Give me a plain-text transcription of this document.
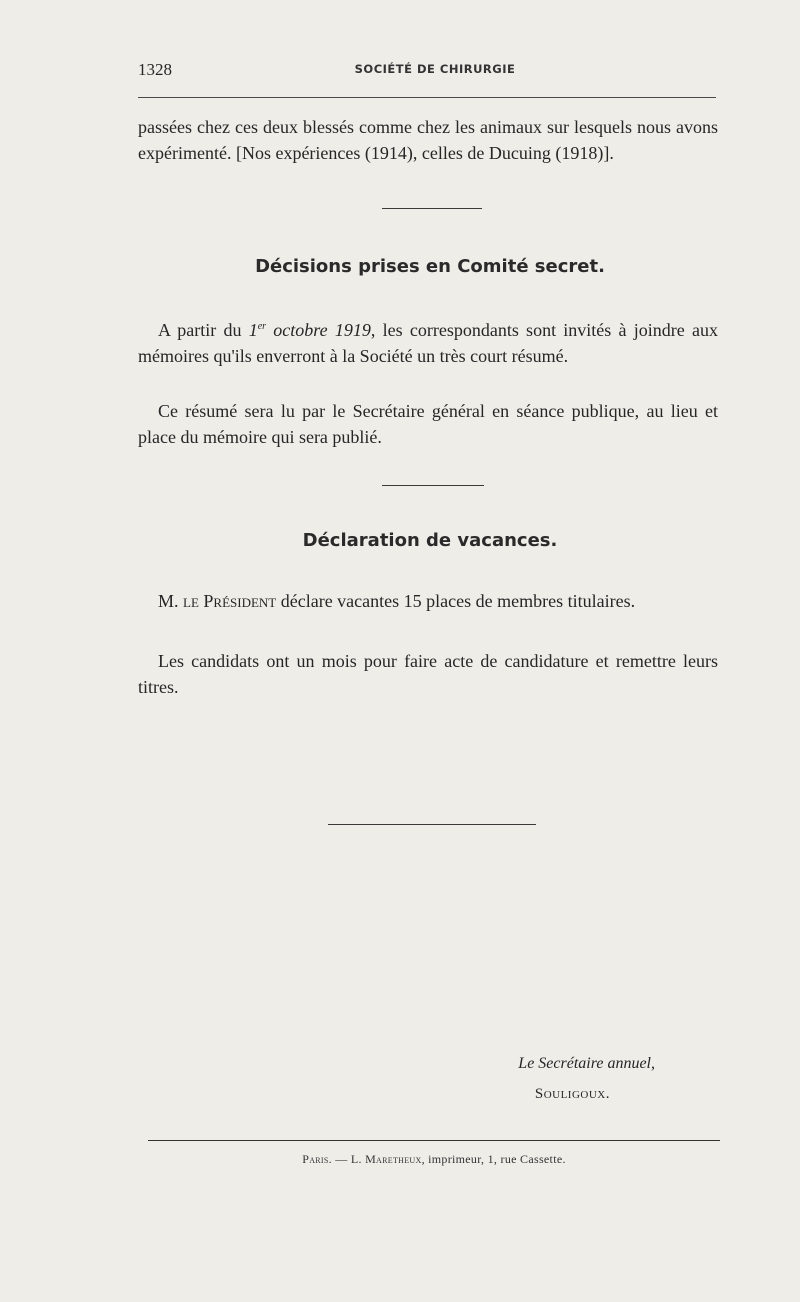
1328	SOCIÉTÉ DE CHIRURGIE

passées chez ces deux blessés comme chez les animaux sur lesquels nous avons expérimenté. [Nos expériences (1914), celles de Ducuing (1918)].

Décisions prises en Comité secret.

A partir du 1er octobre 1919, les correspondants sont invités à joindre aux mémoires qu'ils enverront à la Société un très court résumé.

Ce résumé sera lu par le Secrétaire général en séance publique, au lieu et place du mémoire qui sera publié.

Déclaration de vacances.

M. le Président déclare vacantes 15 places de membres titulaires.

Les candidats ont un mois pour faire acte de candidature et remettre leurs titres.

Le Secrétaire annuel,
Souligoux.
Paris. — L. Maretheux, imprimeur, 1, rue Cassette.
